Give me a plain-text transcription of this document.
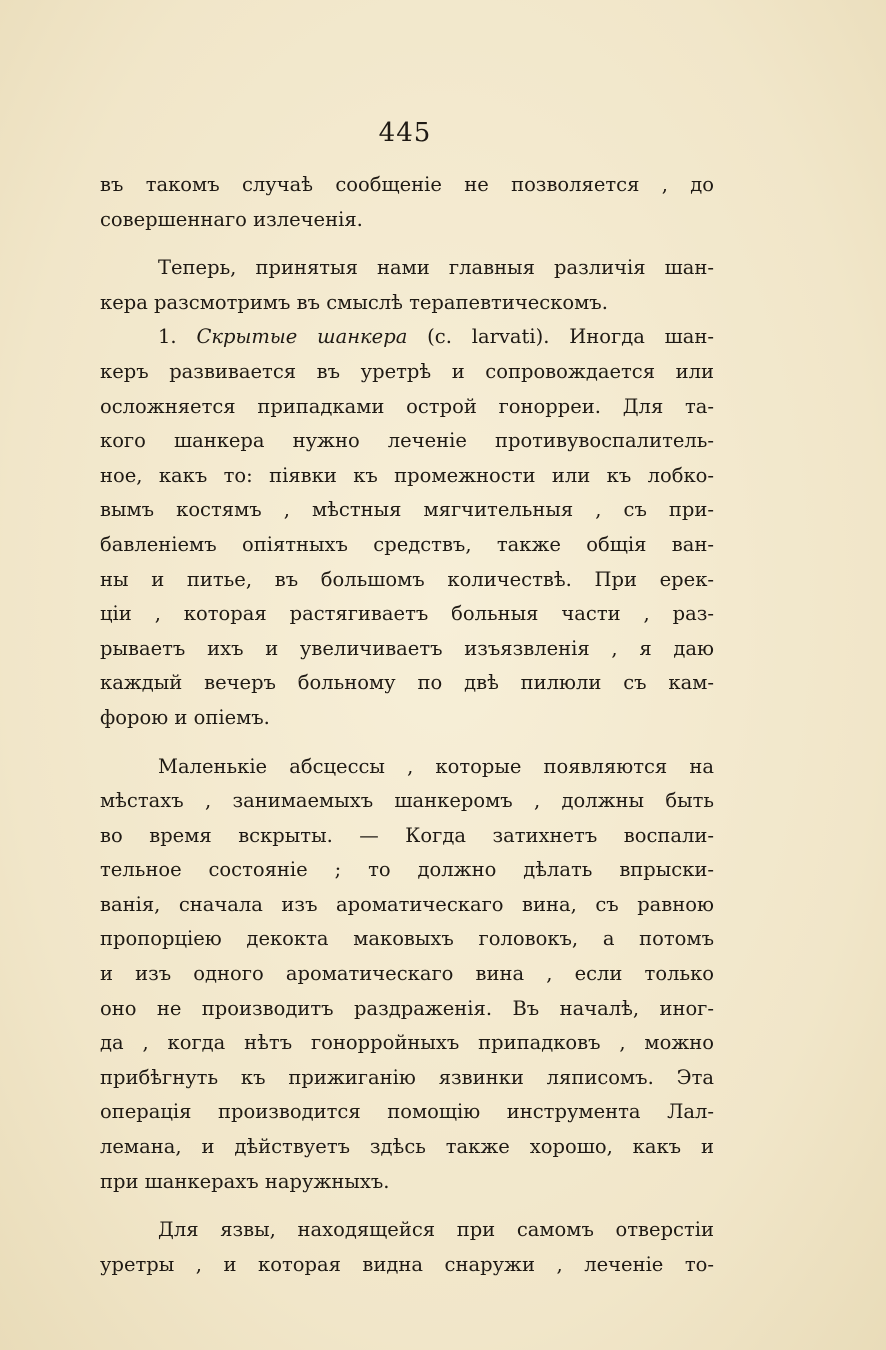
445
въ такомъ случаѣ сообщеніе не позволяется , до
совершеннаго излеченія.
Теперь, принятыя нами главныя различія шан-
кера разсмотримъ въ смыслѣ терапевтическомъ.
1. Скрытые шанкера (c. larvati). Иногда шан-
керъ развивается въ уретрѣ и сопровождается или
осложняется припадками острой гонорреи. Для та-
кого шанкера нужно леченіе противувоспалитель-
ное, какъ то: піявки къ промежности или къ лобко-
вымъ костямъ , мѣстныя мягчительныя , съ при-
бавленіемъ опіятныхъ средствъ, также общія ван-
ны и питье, въ большомъ количествѣ. При ерек-
ціи , которая растягиваетъ больныя части , раз-
рываетъ ихъ и увеличиваетъ изъязвленія , я даю
каждый вечеръ больному по двѣ пилюли съ кам-
форою и опіемъ.
Маленькіе абсцессы , которые появляются на
мѣстахъ , занимаемыхъ шанкеромъ , должны быть
во время вскрыты. — Когда затихнетъ воспали-
тельное состояніе ; то должно дѣлать впрыски-
ванія, сначала изъ ароматическаго вина, съ равною
пропорціею декокта маковыхъ головокъ, а потомъ
и изъ одного ароматическаго вина , если только
оно не производитъ раздраженія. Въ началѣ, иног-
да , когда нѣтъ гонорройныхъ припадковъ , можно
прибѣгнуть къ прижиганію язвинки ляписомъ. Эта
операція производится помощію инструмента Лал-
лемана, и дѣйствуетъ здѣсь также хорошо, какъ и
при шанкерахъ наружныхъ.
Для язвы, находящейся при самомъ отверстіи
уретры , и которая видна снаружи , леченіе то-
